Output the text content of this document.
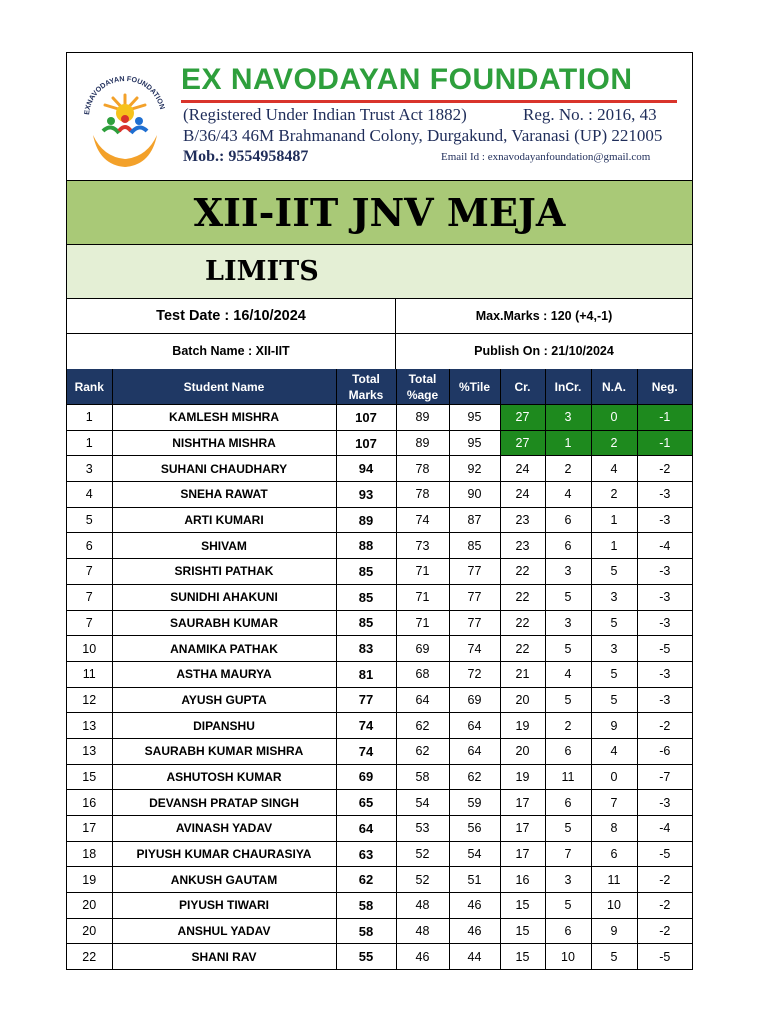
EXNAVODAYAN FOUNDATION
EX NAVODAYAN FOUNDATION
(Registered Under Indian Trust Act 1882)	Reg. No. : 2016, 43
B/36/43 46M Brahmanand Colony, Durgakund, Varanasi (UP) 221005
Mob.: 9554958487	Email Id : exnavodayanfoundation@gmail.com
XII-IIT JNV MEJA
LIMITS
Test Date : 16/10/2024	Max.Marks : 120 (+4,-1)
Batch Name : XII-IIT	Publish On : 21/10/2024
Rank	Student Name	Total Marks	Total %age	%Tile	Cr.	InCr.	N.A.	Neg.
1	KAMLESH MISHRA	107	89	95	27	3	0	-1
1	NISHTHA MISHRA	107	89	95	27	1	2	-1
3	SUHANI CHAUDHARY	94	78	92	24	2	4	-2
4	SNEHA RAWAT	93	78	90	24	4	2	-3
5	ARTI KUMARI	89	74	87	23	6	1	-3
6	SHIVAM	88	73	85	23	6	1	-4
7	SRISHTI PATHAK	85	71	77	22	3	5	-3
7	SUNIDHI AHAKUNI	85	71	77	22	5	3	-3
7	SAURABH KUMAR	85	71	77	22	3	5	-3
10	ANAMIKA PATHAK	83	69	74	22	5	3	-5
11	ASTHA MAURYA	81	68	72	21	4	5	-3
12	AYUSH GUPTA	77	64	69	20	5	5	-3
13	DIPANSHU	74	62	64	19	2	9	-2
13	SAURABH KUMAR MISHRA	74	62	64	20	6	4	-6
15	ASHUTOSH KUMAR	69	58	62	19	11	0	-7
16	DEVANSH PRATAP SINGH	65	54	59	17	6	7	-3
17	AVINASH YADAV	64	53	56	17	5	8	-4
18	PIYUSH KUMAR CHAURASIYA	63	52	54	17	7	6	-5
19	ANKUSH GAUTAM	62	52	51	16	3	11	-2
20	PIYUSH TIWARI	58	48	46	15	5	10	-2
20	ANSHUL YADAV	58	48	46	15	6	9	-2
22	SHANI RAV	55	46	44	15	10	5	-5
